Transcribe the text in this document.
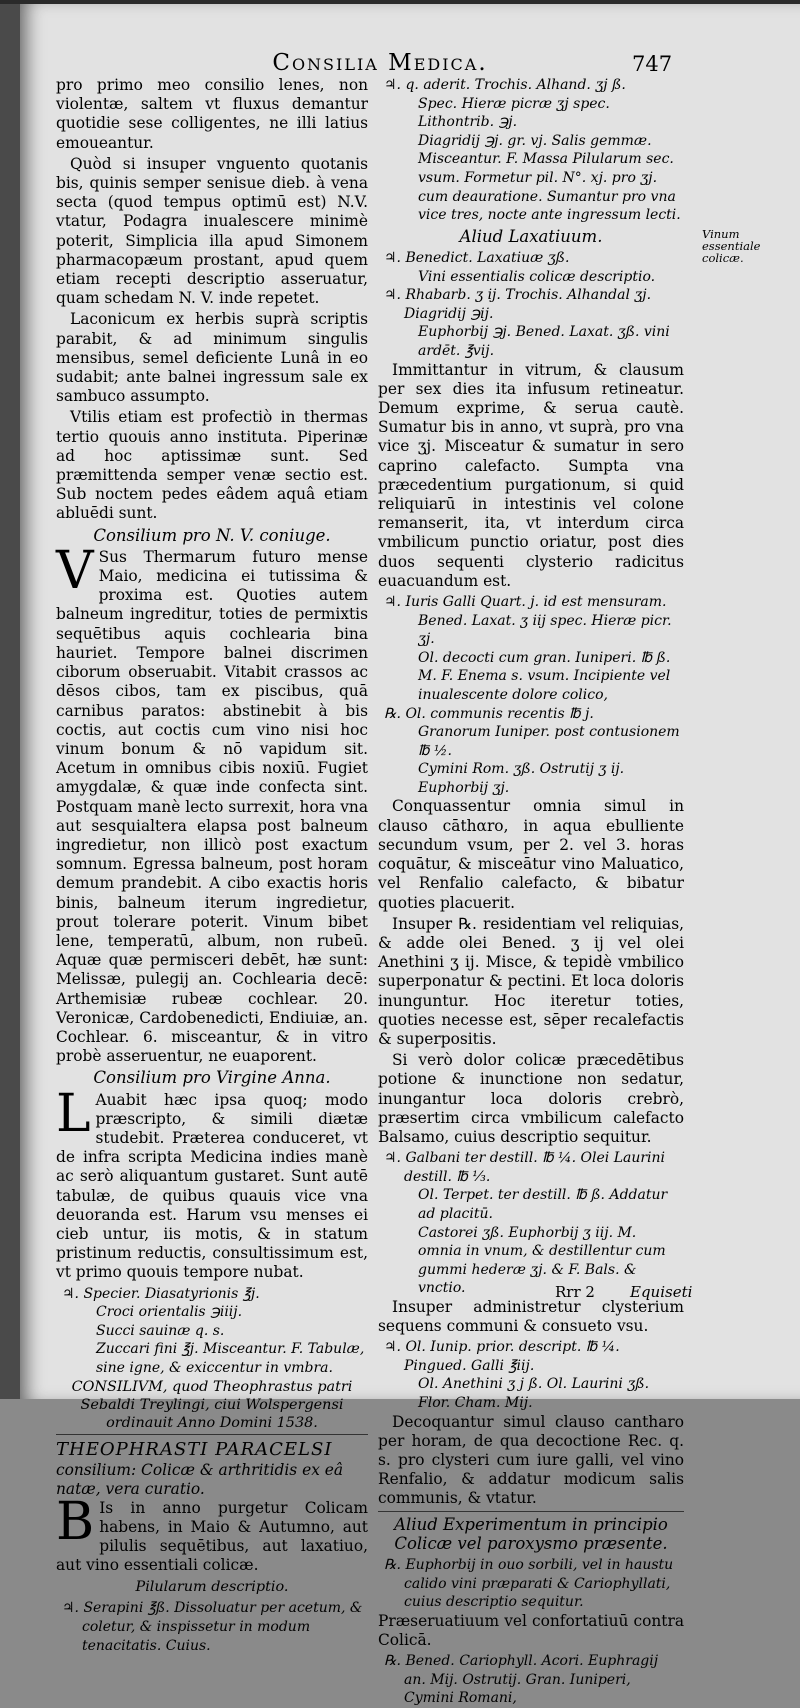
Consilia Medica.	747

pro primo meo consilio lenes, non violentæ, saltem vt fluxus demantur quotidie sese colligentes, ne illi latius emoueantur.

Quòd si insuper vnguento quotanis bis, quinis semper senisue dieb. à vena secta (quod tempus optimū est) N.V. vtatur, Podagra inualescere minimè poterit, Simplicia illa apud Simonem pharmacopæum prostant, apud quem etiam recepti descriptio asseruatur, quam schedam N. V. inde repetet.

Laconicum ex herbis suprà scriptis parabit, & ad minimum singulis mensibus, semel deficiente Lunâ in eo sudabit; ante balnei ingressum sale ex sambuco assumpto.

Vtilis etiam est profectiò in thermas tertio quouis anno instituta. Piperinæ ad hoc aptissimæ sunt. Sed præmittenda semper venæ sectio est. Sub noctem pedes eâdem aquâ etiam abluēdi sunt.

Consilium pro N. V. coniuge.

V Sus Thermarum futuro mense Maio, medicina ei tutissima & proxima est. Quoties autem balneum ingreditur, toties de permixtis sequētibus aquis cochlearia bina hauriet. Tempore balnei discrimen ciborum obseruabit. Vitabit crassos ac dēsos cibos, tam ex piscibus, quā carnibus paratos: abstinebit à bis coctis, aut coctis cum vino nisi hoc vinum bonum & nō vapidum sit. Acetum in omnibus cibis noxiū. Fugiet amygdalæ, & quæ inde confecta sint. Postquam manè lecto surrexit, hora vna aut sesquialtera elapsa post balneum ingredietur, non illicò post exactum somnum. Egressa balneum, post horam demum prandebit. A cibo exactis horis binis, balneum iterum ingredietur, prout tolerare poterit. Vinum bibet lene, temperatū, album, non rubeū. Aquæ quæ permisceri debēt, hæ sunt: Melissæ, pulegij an. Cochlearia decē: Arthemisiæ rubeæ cochlear. 20. Veronicæ, Cardobenedicti, Endiuiæ, an. Cochlear. 6. misceantur, & in vitro probè asseruentur, ne euaporent.

Consilium pro Virgine Anna.

L Auabit hæc ipsa quoq; modo præscripto, & simili diætæ studebit. Præterea conduceret, vt de infra scripta Medicina indies manè ac serò aliquantum gustaret. Sunt autē tabulæ, de quibus quauis vice vna deuoranda est. Harum vsu menses ei cieb untur, iis motis, & in statum pristinum reductis, consultissimum est, vt primo quouis tempore nubat.

♃. Specier. Diasatyrionis ℥j.
Croci orientalis ℈iiij.
Succi sauinæ q. s.
Zuccari fini ℥j. Misceantur. F. Tabulæ, sine igne, & exiccentur in vmbra.
CONSILIVM, quod Theophrastus patri Sebaldi Treylingi, ciui Wolspergensi ordinauit Anno Domini 1538.
THEOPHRASTI PARACELSI
consilium: Colicæ & arthritidis ex eâ natæ, vera curatio.

B Is in anno purgetur Colicam habens, in Maio & Autumno, aut pilulis sequētibus, aut laxatiuo, aut vino essentiali colicæ.

Pilularum descriptio.
♃. Serapini ℥ß. Dissoluatur per acetum, & coletur, & inspissetur in modum tenacitatis. Cuius.
♃. q. aderit. Trochis. Alhand. ʒj ß.
Spec. Hieræ picræ ʒj spec. Lithontrib. ℈j.
Diagridij ℈j. gr. vj. Salis gemmæ. Misceantur. F. Massa Pilularum sec. vsum. Formetur pil. N°. xj. pro ʒj. cum deauratione. Sumantur pro vna vice tres, nocte ante ingressum lecti.
Aliud Laxatiuum.
♃. Benedict. Laxatiuæ ʒß.
Vini essentialis colicæ descriptio.
♃. Rhabarb. ʒ ij. Trochis. Alhandal ʒj. Diagridij ℈ij.
Euphorbij ℈j. Bened. Laxat. ʒß. vini ardēt. ℥vij.

Immittantur in vitrum, & clausum per sex dies ita infusum retineatur. Demum exprime, & serua cautè. Sumatur bis in anno, vt suprà, pro vna vice ʒj. Misceatur & sumatur in sero caprino calefacto. Sumpta vna præcedentium purgationum, si quid reliquiarū in intestinis vel colone remanserit, ita, vt interdum circa vmbilicum punctio oriatur, post dies duos sequenti clysterio radicitus euacuandum est.

♃. Iuris Galli Quart. j. id est mensuram.
Bened. Laxat. ʒ iij spec. Hieræ picr. ʒj.
Ol. decocti cum gran. Iuniperi. ℔ ß. M. F. Enema s. vsum. Incipiente vel inualescente dolore colico,
℞. Ol. communis recentis ℔ j.
Granorum Iuniper. post contusionem ℔ ½.
Cymini Rom. ʒß. Ostrutij ʒ ij. Euphorbij ʒj.

Conquassentur omnia simul in clauso cāthαro, in aqua ebulliente secundum vsum, per 2. vel 3. horas coquātur, & misceātur vino Maluatico, vel Renfalio calefacto, & bibatur quoties placuerit.

Insuper ℞. residentiam vel reliquias, & adde olei Bened. ʒ ij vel olei Anethini ʒ ij. Misce, & tepidè vmbilico superponatur & pectini. Et loca doloris inunguntur. Hoc iteretur toties, quoties necesse est, sēper recalefactis & superpositis.

Si verò dolor colicæ præcedētibus potione & inunctione non sedatur, inungantur loca doloris crebrò, præsertim circa vmbilicum calefacto Balsamo, cuius descriptio sequitur.

♃. Galbani ter destill. ℔ ¼. Olei Laurini destill. ℔ ⅓.
Ol. Terpet. ter destill. ℔ ß. Addatur ad placitū.
Castorei ʒß. Euphorbij ʒ iij. M. omnia in vnum, & destillentur cum gummi hederæ ʒj. & F. Bals. & vnctio.

Insuper administretur clysterium sequens communi & consueto vsu.

♃. Ol. Iunip. prior. descript. ℔ ¼. Pingued. Galli ℥iij.
Ol. Anethini ʒ j ß. Ol. Laurini ʒß. Flor. Cham. Mij.

Decoquantur simul clauso cantharo per horam, de qua decoctione Rec. q. s. pro clysteri cum iure galli, vel vino Renfalio, & addatur modicum salis communis, & vtatur.

Aliud Experimentum in principio Colicæ vel paroxysmo præsente.
℞. Euphorbij in ouo sorbili, vel in haustu calido vini præparati & Cariophyllati, cuius descriptio sequitur.

Præseruatiuum vel confortatiuū contra Colicā.

℞. Bened. Cariophyll. Acori. Euphragij an. Mij. Ostrutij. Gran. Iuniperi, Cymini Romani,
Vinum essentiale colicæ.
Rrr 2 Equiseti
